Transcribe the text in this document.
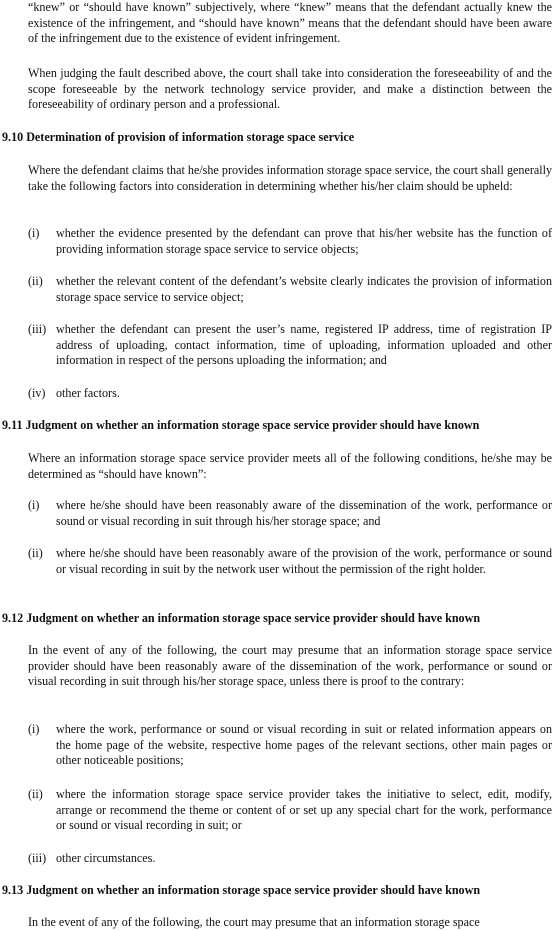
“knew” or “should have known” subjectively, where “knew” means that the defendant actually knew the existence of the infringement, and “should have known” means that the defendant should have been aware of the infringement due to the existence of evident infringement.

When judging the fault described above, the court shall take into consideration the foreseeability of and the scope foreseeable by the network technology service provider, and make a distinction between the foreseeability of ordinary person and a professional.

9.10 Determination of provision of information storage space service

Where the defendant claims that he/she provides information storage space service, the court shall generally take the following factors into consideration in determining whether his/her claim should be upheld:

(i)	whether the evidence presented by the defendant can prove that his/her website has the function of providing information storage space service to service objects;
(ii)	whether the relevant content of the defendant’s website clearly indicates the provision of information storage space service to service object;
(iii) whether the defendant can present the user’s name, registered IP address, time of registration IP address of uploading, contact information, time of uploading, information uploaded and other information in respect of the persons uploading the information; and
(iv) other factors.
9.11 Judgment on whether an information storage space service provider should have known

Where an information storage space service provider meets all of the following conditions, he/she may be determined as “should have known”:

(i)	where he/she should have been reasonably aware of the dissemination of the work, performance or sound or visual recording in suit through his/her storage space; and
(ii)	where he/she should have been reasonably aware of the provision of the work, performance or sound or visual recording in suit by the network user without the permission of the right holder.
9.12 Judgment on whether an information storage space service provider should have known

In the event of any of the following, the court may presume that an information storage space service provider should have been reasonably aware of the dissemination of the work, performance or sound or visual recording in suit through his/her storage space, unless there is proof to the contrary:

(i)	where the work, performance or sound or visual recording in suit or related information appears on the home page of the website, respective home pages of the relevant sections, other main pages or other noticeable positions;
(ii)	where the information storage space service provider takes the initiative to select, edit, modify, arrange or recommend the theme or content of or set up any special chart for the work, performance or sound or visual recording in suit; or
(iii) other circumstances.
9.13 Judgment on whether an information storage space service provider should have known

In the event of any of the following, the court may presume that an information storage space
